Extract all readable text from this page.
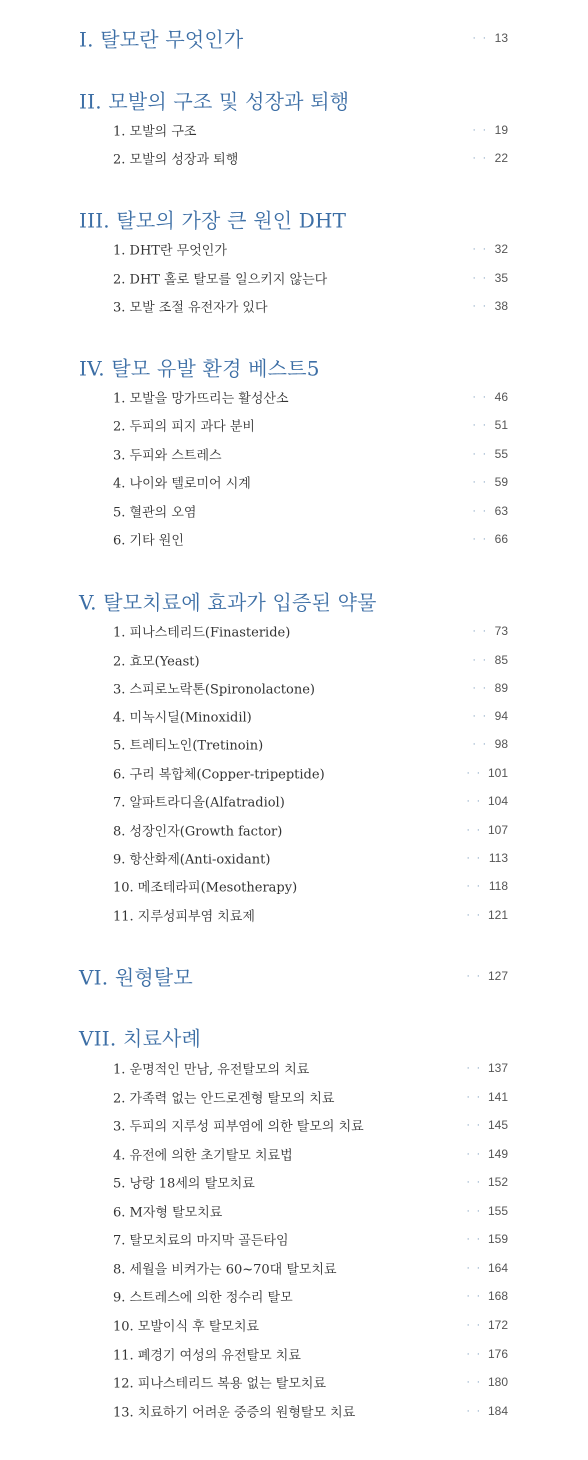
I. 탈모란 무엇인가	· · 13
II. 모발의 구조 및 성장과 퇴행
1. 모발의 구조	· · 19
2. 모발의 성장과 퇴행	· · 22
III. 탈모의 가장 큰 원인 DHT
1. DHT란 무엇인가	· · 32
2. DHT 홀로 탈모를 일으키지 않는다	· · 35
3. 모발 조절 유전자가 있다	· · 38
IV. 탈모 유발 환경 베스트5
1. 모발을 망가뜨리는 활성산소	· · 46
2. 두피의 피지 과다 분비	· · 51
3. 두피와 스트레스	· · 55
4. 나이와 텔로미어 시계	· · 59
5. 혈관의 오염	· · 63
6. 기타 원인	· · 66
V. 탈모치료에 효과가 입증된 약물
1. 피나스테리드(Finasteride)	· · 73
2. 효모(Yeast)	· · 85
3. 스피로노락톤(Spironolactone)	· · 89
4. 미녹시딜(Minoxidil)	· · 94
5. 트레티노인(Tretinoin)	· · 98
6. 구리 복합체(Copper-tripeptide)	· · 101
7. 알파트라디올(Alfatradiol)	· · 104
8. 성장인자(Growth factor)	· · 107
9. 항산화제(Anti-oxidant)	· · 113
10. 메조테라피(Mesotherapy)	· · 118
11. 지루성피부염 치료제	· · 121
VI. 원형탈모	· · 127
VII. 치료사례
1. 운명적인 만남, 유전탈모의 치료	· · 137
2. 가족력 없는 안드로겐형 탈모의 치료	· · 141
3. 두피의 지루성 피부염에 의한 탈모의 치료	· · 145
4. 유전에 의한 초기탈모 치료법	· · 149
5. 낭랑 18세의 탈모치료	· · 152
6. M자형 탈모치료	· · 155
7. 탈모치료의 마지막 골든타임	· · 159
8. 세월을 비켜가는 60~70대 탈모치료	· · 164
9. 스트레스에 의한 정수리 탈모	· · 168
10. 모발이식 후 탈모치료	· · 172
11. 폐경기 여성의 유전탈모 치료	· · 176
12. 피나스테리드 복용 없는 탈모치료	· · 180
13. 치료하기 어려운 중증의 원형탈모 치료	· · 184
